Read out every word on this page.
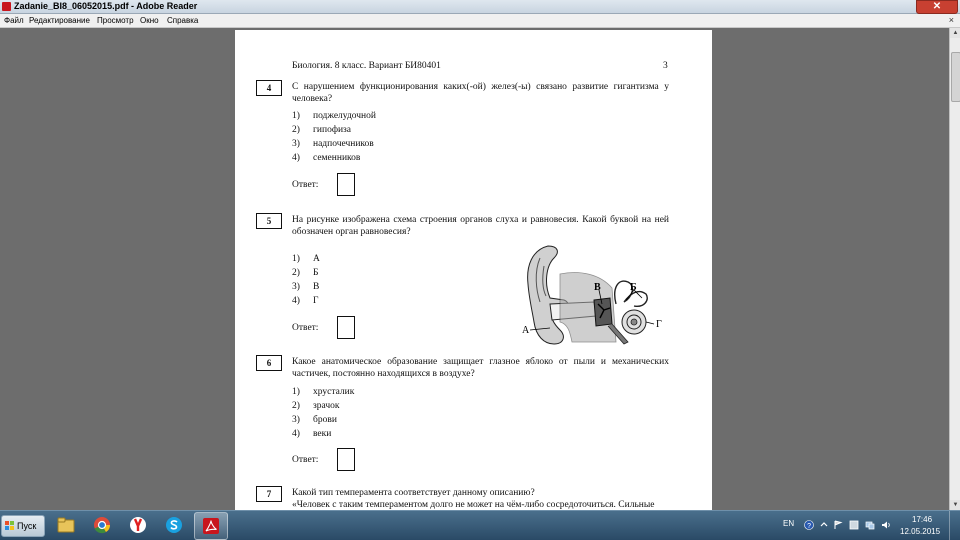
Zadanie_BI8_06052015.pdf - Adobe Reader	✕
Файл Редактирование Просмотр Окно Справка	×
Биология. 8 класс. Вариант БИ80401	3
4	С нарушением функционирования каких(-ой) желез(-ы) связано развитие гигантизма у человека?
1) поджелудочной
2) гипофиза
3) надпочечников
4) семенников
Ответ:
5	На рисунке изображена схема строения органов слуха и равновесия. Какой буквой на ней обозначен орган равновесия?
1) А
2) Б
3) В
4) Г
Ответ:
В	Б
А
Г
6	Какое анатомическое образование защищает глазное яблоко от пыли и механических частичек, постоянно находящихся в воздухе?
1) хрусталик
2) зрачок
3) брови
4) веки
Ответ:
7	Какой тип темперамента соответствует данному описанию?
«Человек с таким темпераментом долго не может на чём-либо сосредоточиться. Сильные
▲
▼
Пуск	EN ?
17:46
12.05.2015
